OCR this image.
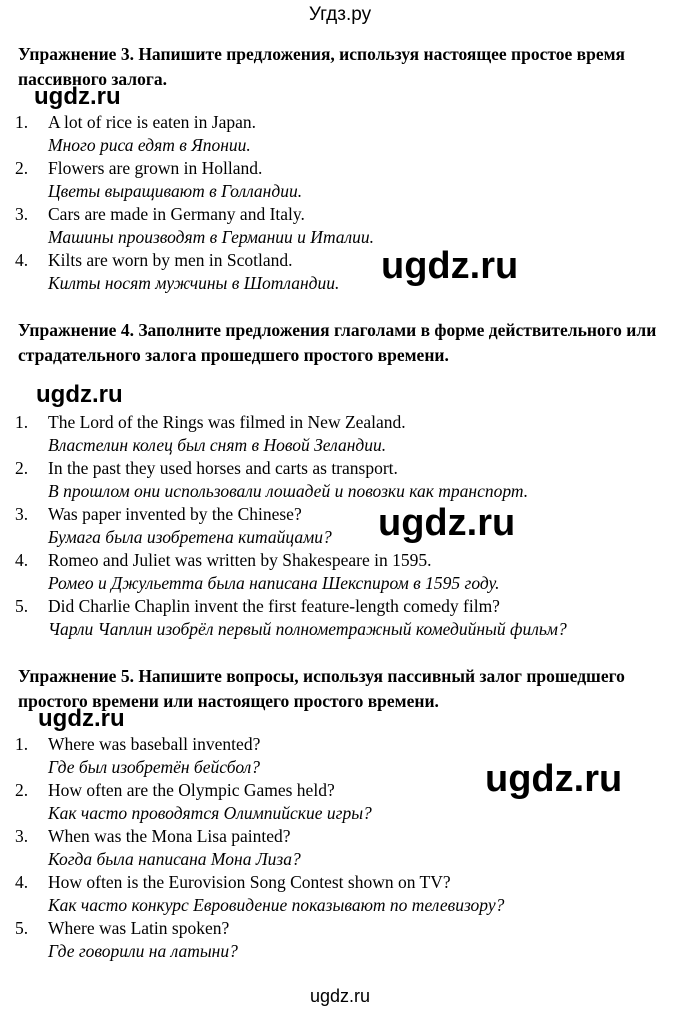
Угдз.ру
Упражнение 3. Напишите предложения, используя настоящее простое время пассивного залога.
1. A lot of rice is eaten in Japan.
Много риса едят в Японии.
2. Flowers are grown in Holland.
Цветы выращивают в Голландии.
3. Cars are made in Germany and Italy.
Машины производят в Германии и Италии.
4. Kilts are worn by men in Scotland.
Килты носят мужчины в Шотландии.
Упражнение 4. Заполните предложения глаголами в форме действительного или страдательного залога прошедшего простого времени.
1. The Lord of the Rings was filmed in New Zealand.
Властелин колец был снят в Новой Зеландии.
2. In the past they used horses and carts as transport.
В прошлом они использовали лошадей и повозки как транспорт.
3. Was paper invented by the Chinese?
Бумага была изобретена китайцами?
4. Romeo and Juliet was written by Shakespeare in 1595.
Ромео и Джульетта была написана Шекспиром в 1595 году.
5. Did Charlie Chaplin invent the first feature-length comedy film?
Чарли Чаплин изобрёл первый полнометражный комедийный фильм?
Упражнение 5. Напишите вопросы, используя пассивный залог прошедшего простого времени или настоящего простого времени.
1. Where was baseball invented?
Где был изобретён бейсбол?
2. How often are the Olympic Games held?
Как часто проводятся Олимпийские игры?
3. When was the Mona Lisa painted?
Когда была написана Мона Лиза?
4. How often is the Eurovision Song Contest shown on TV?
Как часто конкурс Евровидение показывают по телевизору?
5. Where was Latin spoken?
Где говорили на латыни?
ugdz.ru
ugdz.ru
ugdz.ru
ugdz.ru
ugdz.ru
ugdz.ru
ugdz.ru
